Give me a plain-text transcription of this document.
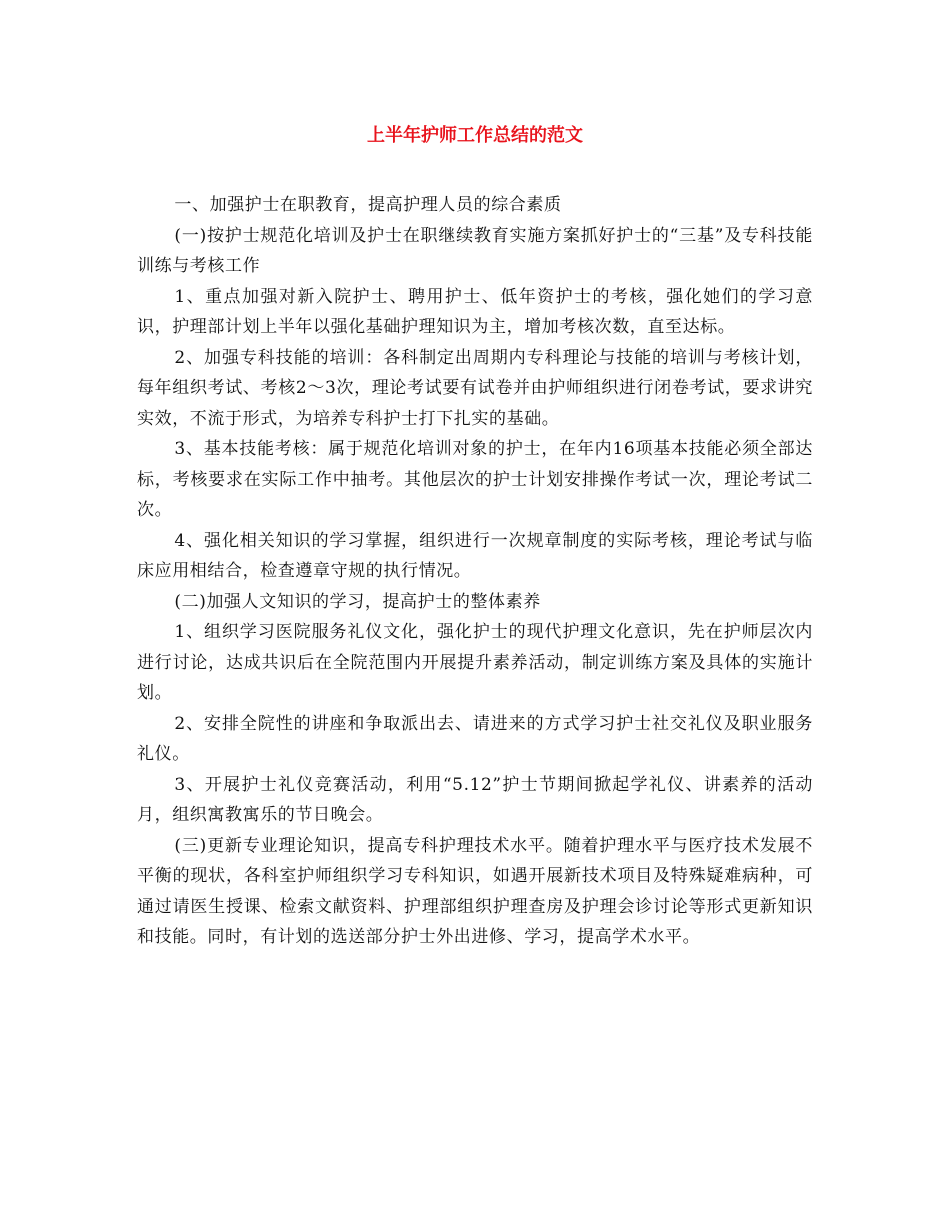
上半年护师工作总结的范文

一、加强护士在职教育，提高护理人员的综合素质

(一)按护士规范化培训及护士在职继续教育实施方案抓好护士的“三基”及专科技能训练与考核工作

1、重点加强对新入院护士、聘用护士、低年资护士的考核，强化她们的学习意识，护理部计划上半年以强化基础护理知识为主，增加考核次数，直至达标。

2、加强专科技能的培训：各科制定出周期内专科理论与技能的培训与考核计划，每年组织考试、考核2～3次，理论考试要有试卷并由护师组织进行闭卷考试，要求讲究实效，不流于形式，为培养专科护士打下扎实的基础。

3、基本技能考核：属于规范化培训对象的护士，在年内16项基本技能必须全部达标，考核要求在实际工作中抽考。其他层次的护士计划安排操作考试一次，理论考试二次。

4、强化相关知识的学习掌握，组织进行一次规章制度的实际考核，理论考试与临床应用相结合，检查遵章守规的执行情况。

(二)加强人文知识的学习，提高护士的整体素养

1、组织学习医院服务礼仪文化，强化护士的现代护理文化意识，先在护师层次内进行讨论，达成共识后在全院范围内开展提升素养活动，制定训练方案及具体的实施计划。

2、安排全院性的讲座和争取派出去、请进来的方式学习护士社交礼仪及职业服务礼仪。

3、开展护士礼仪竞赛活动，利用“5.12”护士节期间掀起学礼仪、讲素养的活动月，组织寓教寓乐的节日晚会。

(三)更新专业理论知识，提高专科护理技术水平。随着护理水平与医疗技术发展不平衡的现状，各科室护师组织学习专科知识，如遇开展新技术项目及特殊疑难病种，可通过请医生授课、检索文献资料、护理部组织护理查房及护理会诊讨论等形式更新知识和技能。同时，有计划的选送部分护士外出进修、学习，提高学术水平。
